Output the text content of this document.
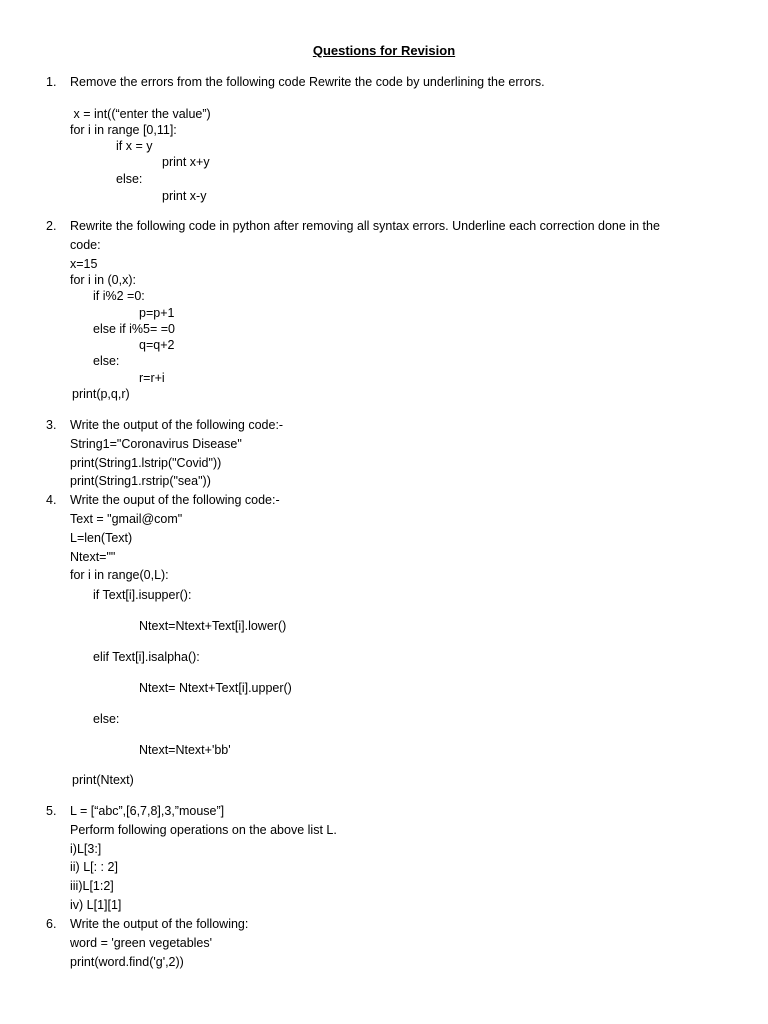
Questions for Revision
1. Remove the errors from the following code Rewrite the code by underlining the errors.
x = int((“enter the value”)
for i in range [0,11]:
if x = y
print x+y
else:
print x-y
2. Rewrite the following code in python after removing all syntax errors. Underline each correction done in the
code:
x=15
for i in (0,x):
if i%2 =0:
p=p+1
else if i%5= =0
q=q+2
else:
r=r+i
print(p,q,r)
3. Write the output of the following code:-
String1="Coronavirus Disease"
print(String1.lstrip("Covid"))
print(String1.rstrip("sea"))
4. Write the ouput of the following code:-
Text = "gmail@com"
L=len(Text)
Ntext=""
for i in range(0,L):
if Text[i].isupper():
Ntext=Ntext+Text[i].lower()
elif Text[i].isalpha():
Ntext= Ntext+Text[i].upper()
else:
Ntext=Ntext+'bb'
print(Ntext)
5. L = [“abc”,[6,7,8],3,”mouse”]
Perform following operations on the above list L.
i)L[3:]
ii) L[: : 2]
iii)L[1:2]
iv) L[1][1]
6. Write the output of the following:
word = 'green vegetables'
print(word.find('g',2))
